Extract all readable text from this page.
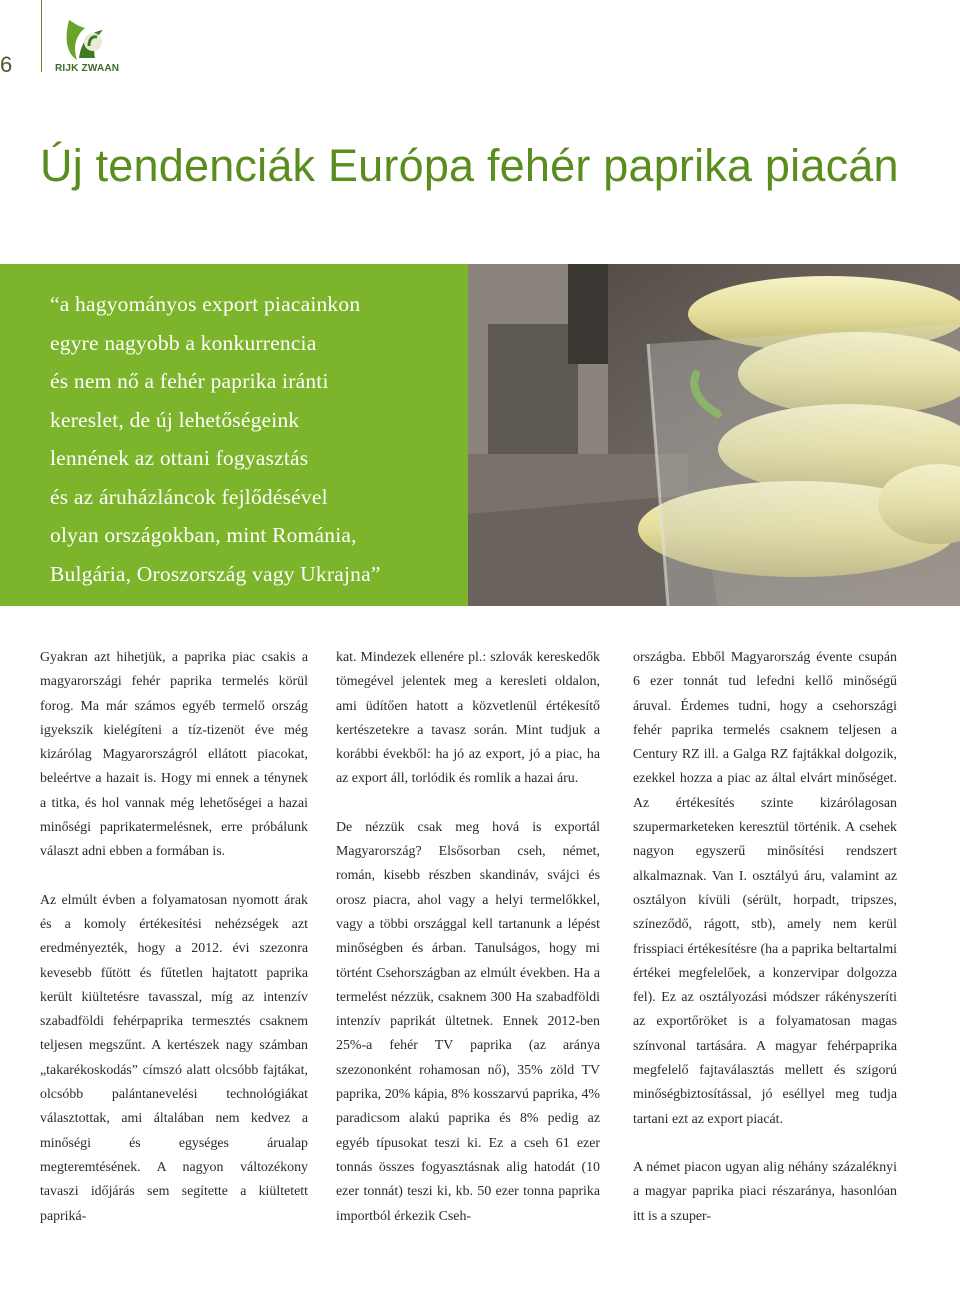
6	RIJK ZWAAN
Új tendenciák Európa fehér paprika piacán
“a hagyományos export piacainkon
egyre nagyobb a konkurrencia
és nem nő a fehér paprika iránti
kereslet, de új lehetőségeink
lennének az ottani fogyasztás
és az áruházláncok fejlődésével
olyan országokban, mint Románia,
Bulgária, Oroszország vagy Ukrajna”

Gyakran azt hihetjük, a paprika piac csakis a magyarországi fehér paprika termelés körül forog. Ma már számos egyéb termelő ország igyekszik kielégíteni a tíz-tizenöt éve még kizárólag Magyarországról ellátott piacokat, beleértve a hazait is. Hogy mi ennek a ténynek a titka, és hol vannak még lehetőségei a hazai minőségi paprikatermelésnek, erre próbálunk választ adni ebben a formában is.

Az elmúlt évben a folyamatosan nyomott árak és a komoly értékesítési nehézségek azt eredményezték, hogy a 2012. évi szezonra kevesebb fűtött és fűtetlen hajtatott paprika került kiültetésre tavasszal, míg az intenzív szabadföldi fehérpaprika termesztés csaknem teljesen megszűnt. A kertészek nagy számban „takarékoskodás” címszó alatt olcsóbb fajtákat, olcsóbb palántanevelési technológiákat választottak, ami általában nem kedvez a minőségi és egységes árualap megteremtésének. A nagyon változékony tavaszi időjárás sem segítette a kiültetett papriká-

kat. Mindezek ellenére pl.: szlovák kereskedők tömegével jelentek meg a keresleti oldalon, ami üdítően hatott a közvetlenül értékesítő kertészetekre a tavasz során. Mint tudjuk a korábbi évekből: ha jó az export, jó a piac, ha az export áll, torlódik és romlik a hazai áru.

De nézzük csak meg hová is exportál Magyarország? Elsősorban cseh, német, román, kisebb részben skandináv, svájci és orosz piacra, ahol vagy a helyi termelőkkel, vagy a többi országgal kell tartanunk a lépést minőségben és árban. Tanulságos, hogy mi történt Csehországban az elmúlt években. Ha a termelést nézzük, csaknem 300 Ha szabadföldi intenzív paprikát ültetnek. Ennek 2012-ben 25%-a fehér TV paprika (az aránya szezononként rohamosan nő), 35% zöld TV paprika, 20% kápia, 8% kosszarvú paprika, 4% paradicsom alakú paprika és 8% pedig az egyéb típusokat teszi ki. Ez a cseh 61 ezer tonnás összes fogyasztásnak alig hatodát (10 ezer tonnát) teszi ki, kb. 50 ezer tonna paprika importból érkezik Cseh-

országba. Ebből Magyarország évente csupán 6 ezer tonnát tud lefedni kellő minőségű áruval. Érdemes tudni, hogy a csehországi fehér paprika termelés csaknem teljesen a Century RZ ill. a Galga RZ fajtákkal dolgozik, ezekkel hozza a piac az által elvárt minőséget. Az értékesítés szinte kizárólagosan szupermarketeken keresztül történik. A csehek nagyon egyszerű minősítési rendszert alkalmaznak. Van I. osztályú áru, valamint az osztályon kívüli (sérült, horpadt, tripszes, színeződő, rágott, stb), amely nem kerül frisspiaci értékesítésre (ha a paprika beltartalmi értékei megfelelőek, a konzervipar dolgozza fel). Ez az osztályozási módszer rákényszeríti az exportőröket is a folyamatosan magas színvonal tartására. A magyar fehérpaprika megfelelő fajtaválasztás mellett és szigorú minőségbiztosítással, jó eséllyel meg tudja tartani ezt az export piacát.

A német piacon ugyan alig néhány százaléknyi a magyar paprika piaci részaránya, hasonlóan itt is a szuper-
